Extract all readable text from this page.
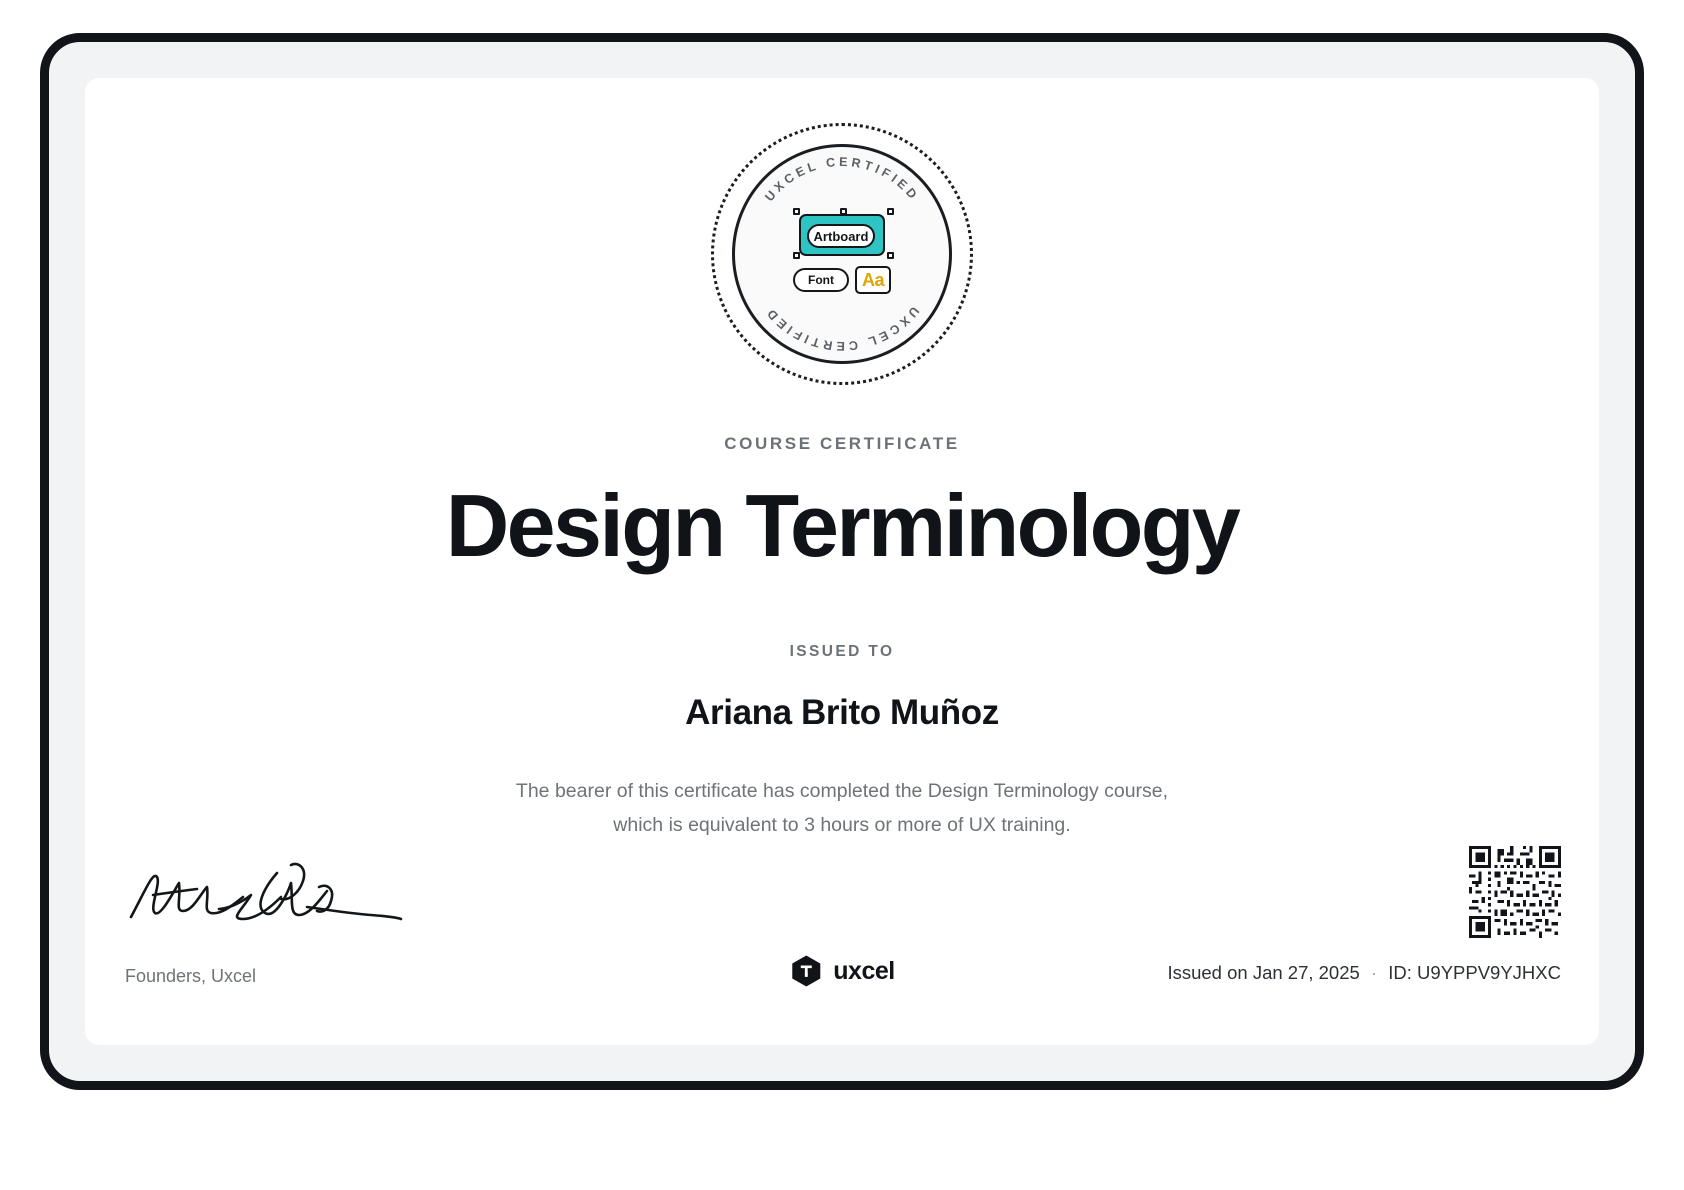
UXCEL CERTIFIED
UXCEL CERTIFIED
Artboard
Font	Aa
COURSE CERTIFICATE
Design Terminology
ISSUED TO
Ariana Brito Muñoz
The bearer of this certificate has completed the Design Terminology course,
which is equivalent to 3 hours or more of UX training.
Founders, Uxcel	uxcel	Issued on Jan 27, 2025 · ID: U9YPPV9YJHXC
